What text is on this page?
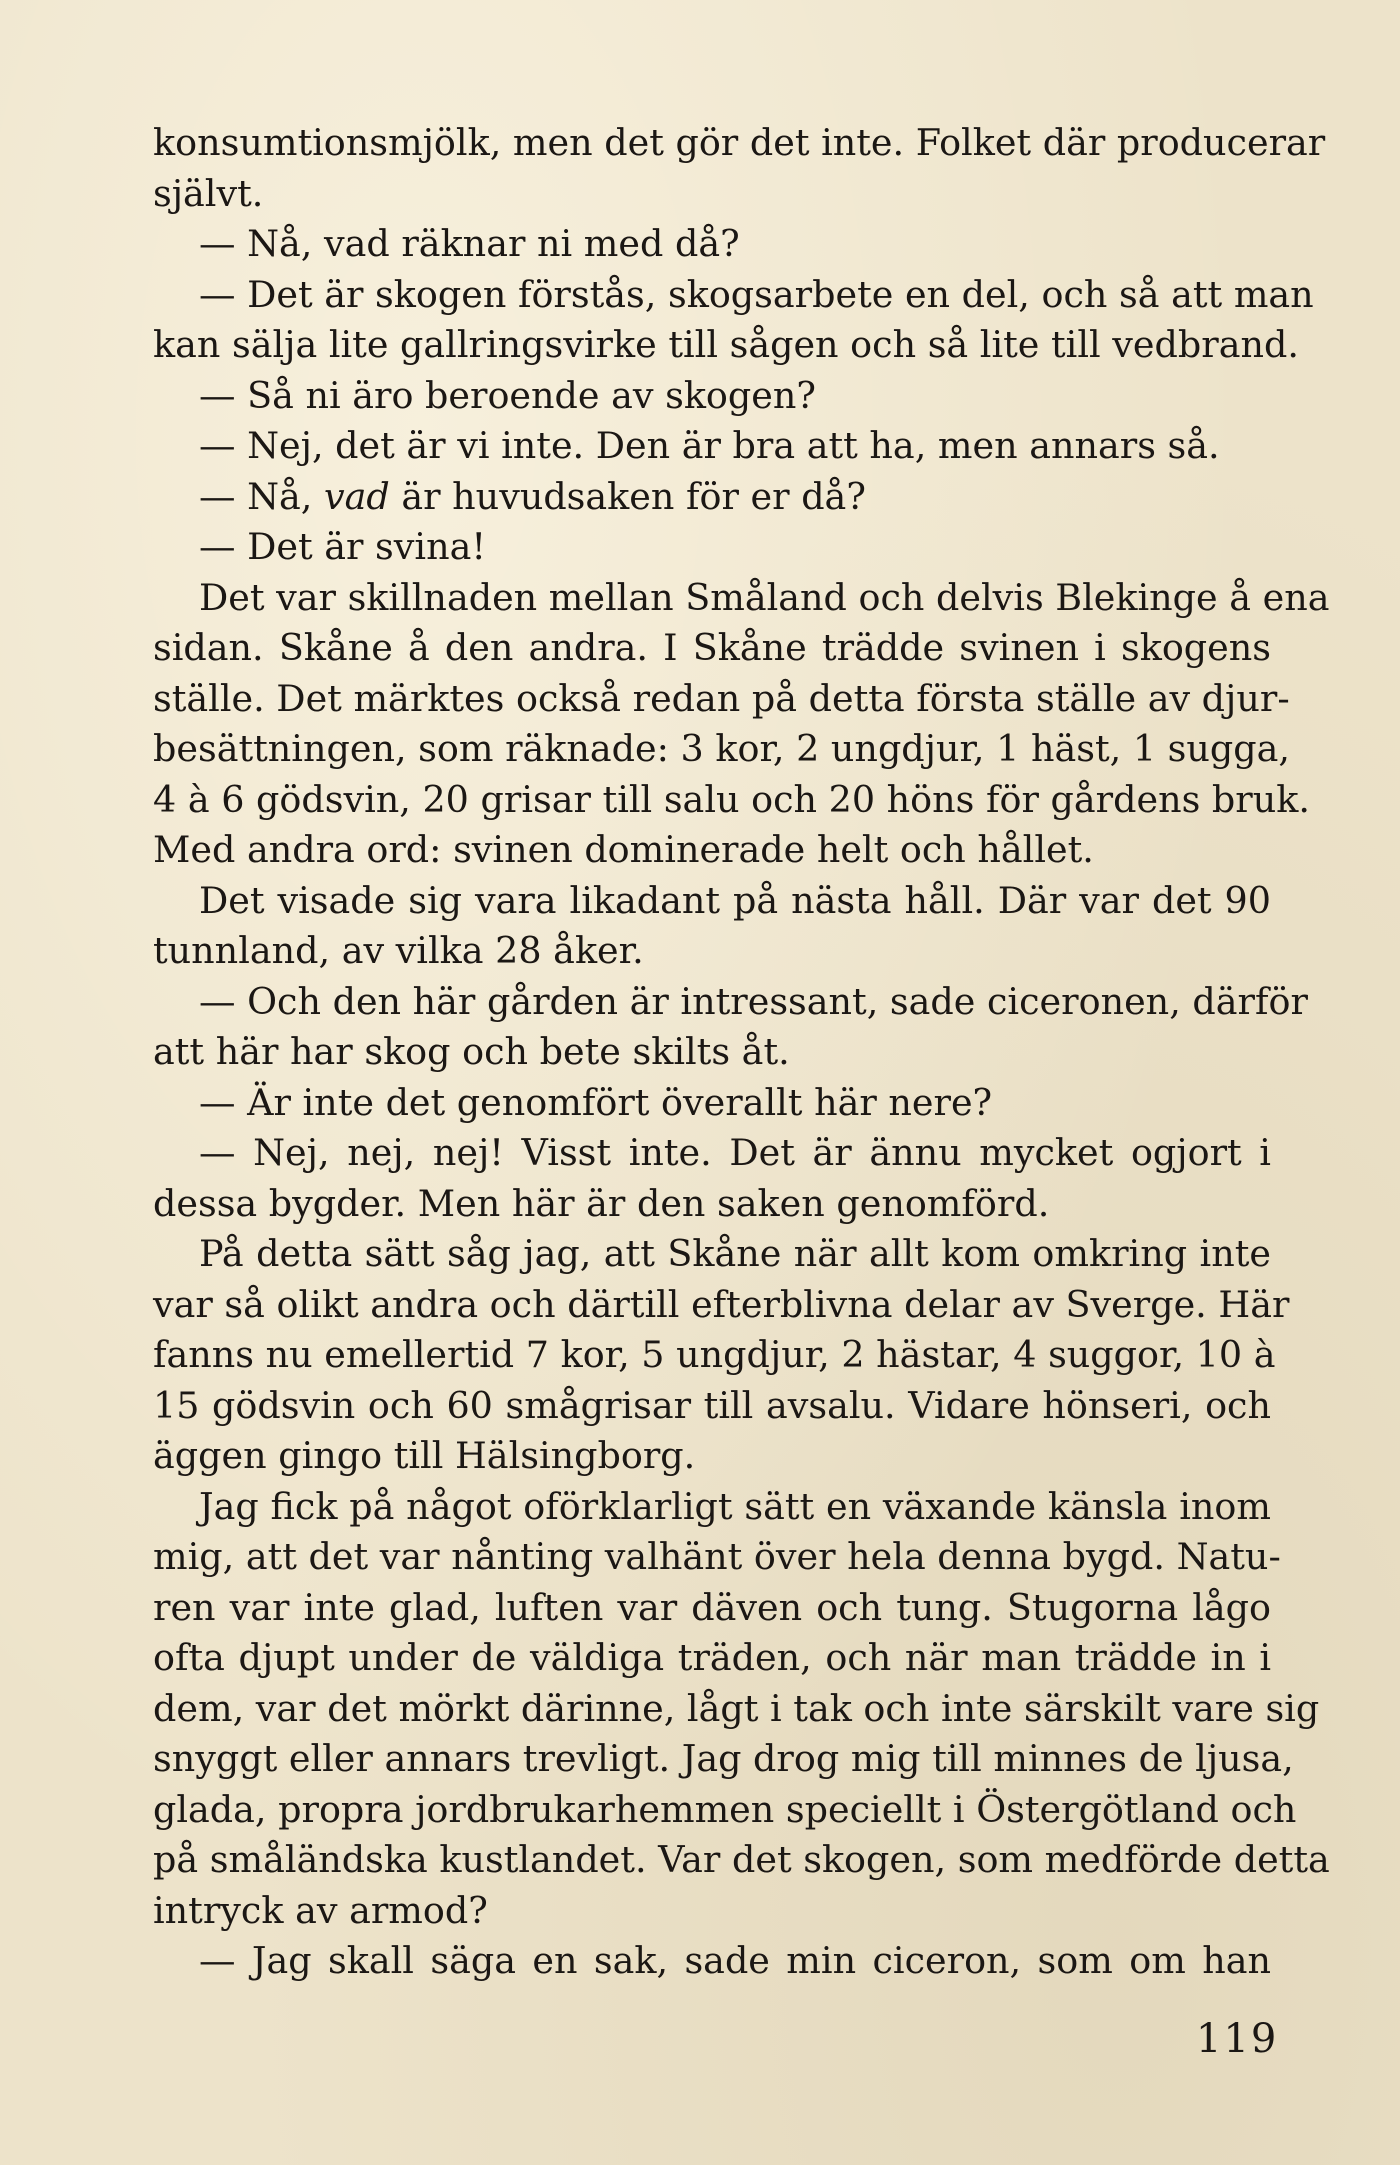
konsumtionsmjölk, men det gör det inte. Folket där producerar
självt.
— Nå, vad räknar ni med då?
— Det är skogen förstås, skogsarbete en del, och så att man
kan sälja lite gallringsvirke till sågen och så lite till vedbrand.
— Så ni äro beroende av skogen?
— Nej, det är vi inte. Den är bra att ha, men annars så.
— Nå, vad är huvudsaken för er då?
— Det är svina!
Det var skillnaden mellan Småland och delvis Blekinge å ena
sidan. Skåne å den andra. I Skåne trädde svinen i skogens
ställe. Det märktes också redan på detta första ställe av djur-
besättningen, som räknade: 3 kor, 2 ungdjur, 1 häst, 1 sugga,
4 à 6 gödsvin, 20 grisar till salu och 20 höns för gårdens bruk.
Med andra ord: svinen dominerade helt och hållet.
Det visade sig vara likadant på nästa håll. Där var det 90
tunnland, av vilka 28 åker.
— Och den här gården är intressant, sade ciceronen, därför
att här har skog och bete skilts åt.
— Är inte det genomfört överallt här nere?
— Nej, nej, nej! Visst inte. Det är ännu mycket ogjort i
dessa bygder. Men här är den saken genomförd.
På detta sätt såg jag, att Skåne när allt kom omkring inte
var så olikt andra och därtill efterblivna delar av Sverge. Här
fanns nu emellertid 7 kor, 5 ungdjur, 2 hästar, 4 suggor, 10 à
15 gödsvin och 60 smågrisar till avsalu. Vidare hönseri, och
äggen gingo till Hälsingborg.
Jag fick på något oförklarligt sätt en växande känsla inom
mig, att det var nånting valhänt över hela denna bygd. Natu-
ren var inte glad, luften var däven och tung. Stugorna lågo
ofta djupt under de väldiga träden, och när man trädde in i
dem, var det mörkt därinne, lågt i tak och inte särskilt vare sig
snyggt eller annars trevligt. Jag drog mig till minnes de ljusa,
glada, propra jordbrukarhemmen speciellt i Östergötland och
på småländska kustlandet. Var det skogen, som medförde detta
intryck av armod?
— Jag skall säga en sak, sade min ciceron, som om han
119
